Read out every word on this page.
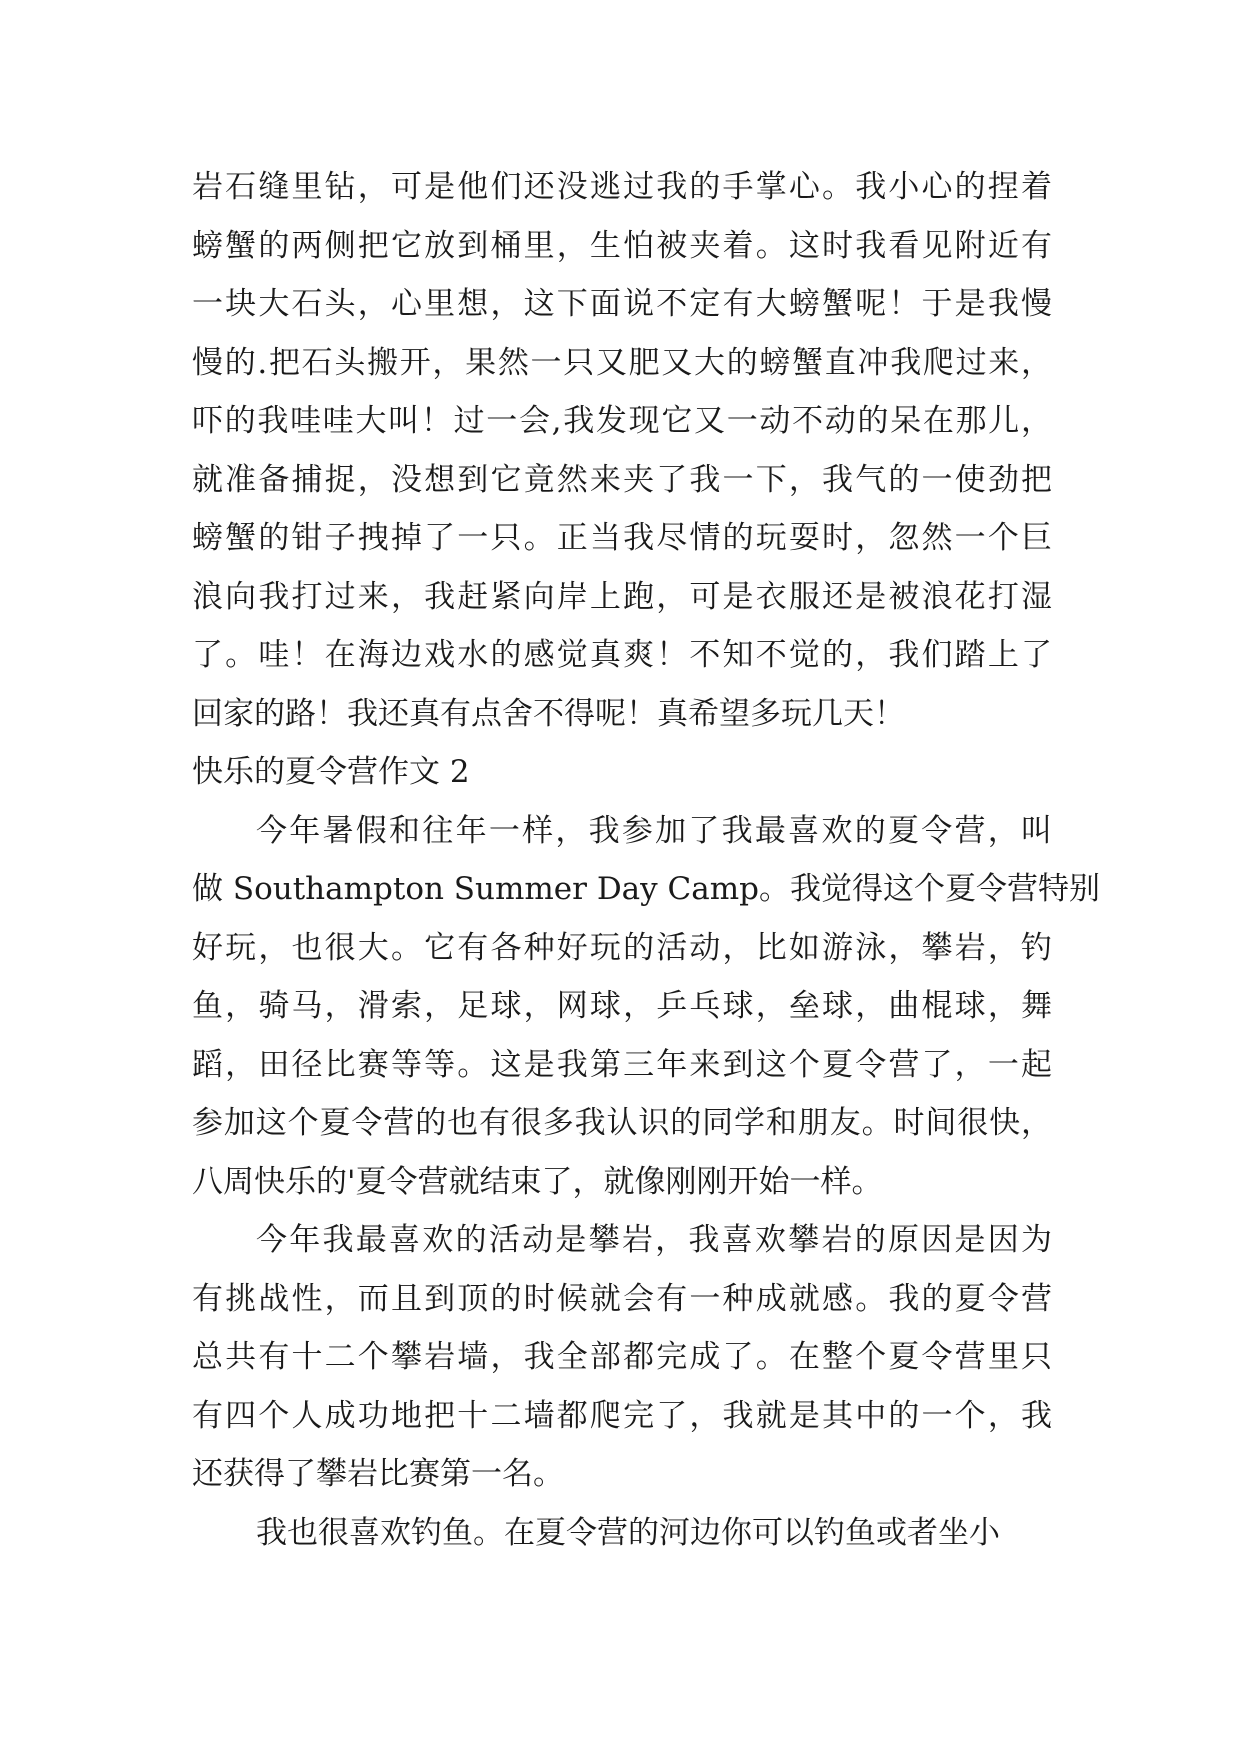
岩石缝里钻，可是他们还没逃过我的手掌心。我小心的捏着
螃蟹的两侧把它放到桶里，生怕被夹着。这时我看见附近有
一块大石头，心里想，这下面说不定有大螃蟹呢！于是我慢
慢的.把石头搬开，果然一只又肥又大的螃蟹直冲我爬过来，
吓的我哇哇大叫！过一会,我发现它又一动不动的呆在那儿，
就准备捕捉，没想到它竟然来夹了我一下，我气的一使劲把
螃蟹的钳子拽掉了一只。正当我尽情的玩耍时，忽然一个巨
浪向我打过来，我赶紧向岸上跑，可是衣服还是被浪花打湿
了。哇！在海边戏水的感觉真爽！不知不觉的，我们踏上了
回家的路！我还真有点舍不得呢！真希望多玩几天！
快乐的夏令营作文 2
今年暑假和往年一样，我参加了我最喜欢的夏令营，叫
做 Southampton Summer Day Camp。我觉得这个夏令营特别
好玩，也很大。它有各种好玩的活动，比如游泳，攀岩，钓
鱼，骑马，滑索，足球，网球，乒乓球，垒球，曲棍球，舞
蹈，田径比赛等等。这是我第三年来到这个夏令营了，一起
参加这个夏令营的也有很多我认识的同学和朋友。时间很快，
八周快乐的'夏令营就结束了，就像刚刚开始一样。
今年我最喜欢的活动是攀岩，我喜欢攀岩的原因是因为
有挑战性，而且到顶的时候就会有一种成就感。我的夏令营
总共有十二个攀岩墙，我全部都完成了。在整个夏令营里只
有四个人成功地把十二墙都爬完了，我就是其中的一个，我
还获得了攀岩比赛第一名。
我也很喜欢钓鱼。在夏令营的河边你可以钓鱼或者坐小
